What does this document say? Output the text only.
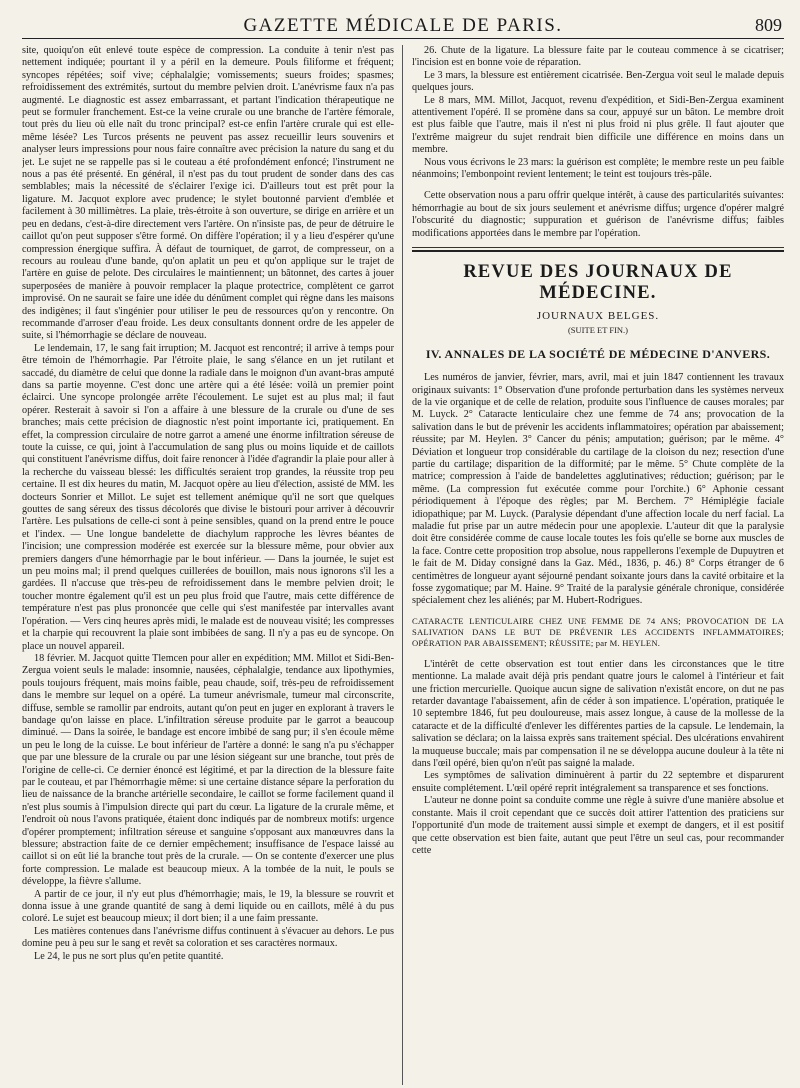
GAZETTE MÉDICALE DE PARIS.	809

site, quoiqu'on eût enlevé toute espèce de compression. La conduite à tenir n'est pas nettement indiquée; pourtant il y a péril en la demeure. Pouls filiforme et fréquent; syncopes répétées; soif vive; céphalalgie; vomissements; sueurs froides; spasmes; refroidissement des extrémités, surtout du membre pelvien droit. L'anévrisme faux n'a pas augmenté. Le diagnostic est assez embarrassant, et partant l'indication thérapeutique ne peut se formuler franchement. Est-ce la veine crurale ou une branche de l'artère fémorale, tout près du lieu où elle naît du tronc principal? est-ce enfin l'artère crurale qui est elle-même lésée? Les Turcos présents ne peuvent pas assez recueillir leurs souvenirs et analyser leurs impressions pour nous faire connaître avec précision la nature du sang et du jet. Le sujet ne se rappelle pas si le couteau a été profondément enfoncé; l'instrument ne nous a pas été présenté. En général, il n'est pas du tout prudent de sonder dans des cas semblables; mais la nécessité de s'éclairer l'exige ici. D'ailleurs tout est prêt pour la ligature. M. Jacquot explore avec prudence; le stylet boutonné parvient d'emblée et facilement à 30 millimètres. La plaie, très-étroite à son ouverture, se dirige en arrière et un peu en dedans, c'est-à-dire directement vers l'artère. On n'insiste pas, de peur de détruire le caillot qu'on peut supposer s'être formé. On diffère l'opération; il y a lieu d'espérer qu'une compression énergique suffira. À défaut de tourniquet, de garrot, de compresseur, on a recours au rouleau d'une bande, qu'on aplatit un peu et qu'on applique sur le trajet de l'artère en guise de pelote. Des circulaires le maintiennent; un bâtonnet, des cartes à jouer superposées de manière à pouvoir remplacer la plaque protectrice, complètent ce garrot improvisé. On ne saurait se faire une idée du dénûment complet qui règne dans les maisons des indigènes; il faut s'ingénier pour utiliser le peu de ressources qu'on y rencontre. On recommande d'arroser d'eau froide. Les deux consultants donnent ordre de les appeler de suite, si l'hémorrhagie se déclare de nouveau.

Le lendemain, 17, le sang fait irruption; M. Jacquot est rencontré; il arrive à temps pour être témoin de l'hémorrhagie. Par l'étroite plaie, le sang s'élance en un jet rutilant et saccadé, du diamètre de celui que donne la radiale dans le moignon d'un avant-bras amputé dans sa partie moyenne. C'est donc une artère qui a été lésée: voilà un premier point éclairci. Une syncope prolongée arrête l'écoulement. Le sujet est au plus mal; il faut opérer. Resterait à savoir si l'on a affaire à une blessure de la crurale ou d'une de ses branches; mais cette précision de diagnostic n'est point importante ici, pratiquement. En effet, la compression circulaire de notre garrot a amené une énorme infiltration séreuse de toute la cuisse, ce qui, joint à l'accumulation de sang plus ou moins liquide et de caillots qui constituent l'anévrisme diffus, doit faire renoncer à l'idée d'agrandir la plaie pour aller à la recherche du vaisseau blessé: les difficultés seraient trop grandes, la réussite trop peu certaine. Il est dix heures du matin, M. Jacquot opère au lieu d'élection, assisté de MM. les docteurs Sonrier et Millot. Le sujet est tellement anémique qu'il ne sort que quelques gouttes de sang séreux des tissus décolorés que divise le bistouri pour arriver à découvrir l'artère. Les pulsations de celle-ci sont à peine sensibles, quand on la prend entre le pouce et l'index. — Une longue bandelette de diachylum rapproche les lèvres béantes de l'incision; une compression modérée est exercée sur la blessure même, pour obvier aux premiers dangers d'une hémorrhagie par le bout inférieur. — Dans la journée, le sujet est un peu moins mal; il prend quelques cuillerées de bouillon, mais nous ignorons s'il les a gardées. Il n'accuse que très-peu de refroidissement dans le membre pelvien droit; le toucher montre également qu'il est un peu plus froid que l'autre, mais cette différence de température n'est pas plus prononcée que celle qui s'est manifestée par intervalles avant l'opération. — Vers cinq heures après midi, le malade est de nouveau visité; les compresses et la charpie qui recouvrent la plaie sont imbibées de sang. Il n'y a pas eu de syncope. On place un nouvel appareil.

18 février. M. Jacquot quitte Tlemcen pour aller en expédition; MM. Millot et Sidi-Ben-Zergua voient seuls le malade: insomnie, nausées, céphalalgie, tendance aux lipothymies, pouls toujours fréquent, mais moins faible, peau chaude, soif, très-peu de refroidissement dans le membre sur lequel on a opéré. La tumeur anévrismale, tumeur mal circonscrite, diffuse, semble se ramollir par endroits, autant qu'on peut en juger en explorant à travers le bandage qu'on laisse en place. L'infiltration séreuse produite par le garrot a beaucoup diminué. — Dans la soirée, le bandage est encore imbibé de sang pur; il s'en écoule même un peu le long de la cuisse. Le bout inférieur de l'artère a donné: le sang n'a pu s'échapper que par une blessure de la crurale ou par une lésion siégeant sur une branche, tout près de l'origine de celle-ci. Ce dernier énoncé est légitimé, et par la direction de la blessure faite par le couteau, et par l'hémorrhagie même: si une certaine distance sépare la perforation du lieu de naissance de la branche artérielle secondaire, le caillot se forme facilement quand il n'est plus soumis à l'impulsion directe qui part du cœur. La ligature de la crurale même, et l'endroit où nous l'avons pratiquée, étaient donc indiqués par de nombreux motifs: urgence d'opérer promptement; infiltration séreuse et sanguine s'opposant aux manœuvres dans la blessure; abstraction faite de ce dernier empêchement; insuffisance de l'espace laissé au caillot si on eût lié la branche tout près de la crurale. — On se contente d'exercer une plus forte compression. Le malade est beaucoup mieux. A la tombée de la nuit, le pouls se développe, la fièvre s'allume.

A partir de ce jour, il n'y eut plus d'hémorrhagie; mais, le 19, la blessure se rouvrit et donna issue à une grande quantité de sang à demi liquide ou en caillots, mêlé à du pus coloré. Le sujet est beaucoup mieux; il dort bien; il a une faim pressante.

Les matières contenues dans l'anévrisme diffus continuent à s'évacuer au dehors. Le pus domine peu à peu sur le sang et revêt sa coloration et ses caractères normaux.

Le 24, le pus ne sort plus qu'en petite quantité.

26. Chute de la ligature. La blessure faite par le couteau commence à se cicatriser; l'incision est en bonne voie de réparation.

Le 3 mars, la blessure est entièrement cicatrisée. Ben-Zergua voit seul le malade depuis quelques jours.

Le 8 mars, MM. Millot, Jacquot, revenu d'expédition, et Sidi-Ben-Zergua examinent attentivement l'opéré. Il se promène dans sa cour, appuyé sur un bâton. Le membre droit est plus faible que l'autre, mais il n'est ni plus froid ni plus grêle. Il faut ajouter que l'extrême maigreur du sujet rendrait bien difficile une différence en moins dans un membre.

Nous vous écrivons le 23 mars: la guérison est complète; le membre reste un peu faible néanmoins; l'embonpoint revient lentement; le teint est toujours très-pâle.

Cette observation nous a paru offrir quelque intérêt, à cause des particularités suivantes: hémorrhagie au bout de six jours seulement et anévrisme diffus; urgence d'opérer malgré l'obscurité du diagnostic; suppuration et guérison de l'anévrisme diffus; faibles modifications apportées dans le membre par l'opération.

REVUE DES JOURNAUX DE MÉDECINE.
JOURNAUX BELGES.
(SUITE ET FIN.)
IV. ANNALES DE LA SOCIÉTÉ DE MÉDECINE D'ANVERS.

Les numéros de janvier, février, mars, avril, mai et juin 1847 contiennent les travaux originaux suivants: 1° Observation d'une profonde perturbation dans les systèmes nerveux de la vie organique et de celle de relation, produite sous l'influence de causes morales; par M. Luyck. 2° Cataracte lenticulaire chez une femme de 74 ans; provocation de la salivation dans le but de prévenir les accidents inflammatoires; opération par abaissement; réussite; par M. Heylen. 3° Cancer du pénis; amputation; guérison; par le même. 4° Déviation et longueur trop considérable du cartilage de la cloison du nez; resection d'une partie du cartilage; disparition de la difformité; par le même. 5° Chute complète de la matrice; compression à l'aide de bandelettes agglutinatives; réduction; guérison; par le même. (La compression fut exécutée comme pour l'orchite.) 6° Aphonie cessant périodiquement à l'époque des règles; par M. Berchem. 7° Hémiplégie faciale idiopathique; par M. Luyck. (Paralysie dépendant d'une affection locale du nerf facial. La maladie fut prise par un autre médecin pour une apoplexie. L'auteur dit que la paralysie doit être considérée comme de cause locale toutes les fois qu'elle se borne aux muscles de la face. Contre cette proposition trop absolue, nous rappellerons l'exemple de Dupuytren et le fait de M. Diday consigné dans la Gaz. Méd., 1836, p. 46.) 8° Corps étranger de 6 centimètres de longueur ayant séjourné pendant soixante jours dans la cavité orbitaire et la fosse zygomatique; par M. Haine. 9° Traité de la paralysie générale chronique, considérée spécialement chez les aliénés; par M. Hubert-Rodrigues.

CATARACTE LENTICULAIRE CHEZ UNE FEMME DE 74 ANS; PROVOCATION DE LA SALIVATION DANS LE BUT DE PRÉVENIR LES ACCIDENTS INFLAMMATOIRES; OPÉRATION PAR ABAISSEMENT; RÉUSSITE; par M. HEYLEN.

L'intérêt de cette observation est tout entier dans les circonstances que le titre mentionne. La malade avait déjà pris pendant quatre jours le calomel à l'intérieur et fait une friction mercurielle. Quoique aucun signe de salivation n'existât encore, on dut ne pas retarder davantage l'abaissement, afin de céder à son impatience. L'opération, pratiquée le 10 septembre 1846, fut peu douloureuse, mais assez longue, à cause de la mollesse de la cataracte et de la difficulté d'enlever les différentes parties de la capsule. Le lendemain, la salivation se déclara; on la laissa exprès sans traitement spécial. Des ulcérations envahirent la muqueuse buccale; mais par compensation il ne se développa aucune douleur à la tête ni dans l'œil opéré, bien qu'on n'eût pas saigné la malade.

Les symptômes de salivation diminuèrent à partir du 22 septembre et disparurent ensuite complétement. L'œil opéré reprit intégralement sa transparence et ses fonctions.

L'auteur ne donne point sa conduite comme une règle à suivre d'une manière absolue et constante. Mais il croit cependant que ce succès doit attirer l'attention des praticiens sur l'opportunité d'un mode de traitement aussi simple et exempt de dangers, et il est positif que cette observation est bien faite, autant que peut l'être un seul cas, pour recommander cette
